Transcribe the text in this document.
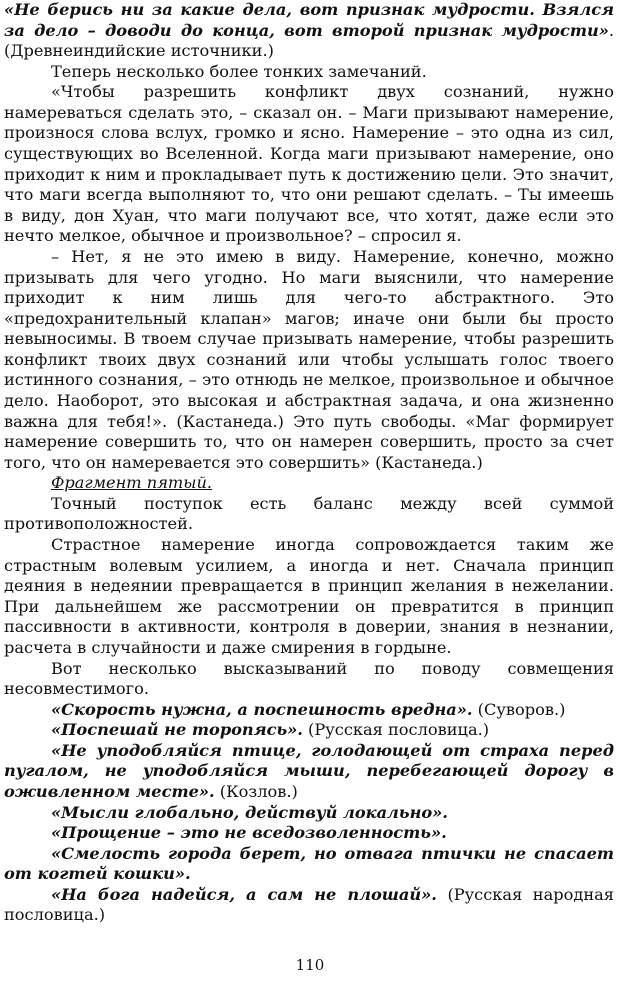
«Не берись ни за какие дела, вот признак мудрости. Взялся за дело – доводи до конца, вот второй признак мудрости». (Древнеиндийские источники.)

Теперь несколько более тонких замечаний.

«Чтобы разрешить конфликт двух сознаний, нужно намереваться сделать это, – сказал он. – Маги призывают намерение, произнося слова вслух, громко и ясно. Намерение – это одна из сил, существующих во Вселенной. Когда маги призывают намерение, оно приходит к ним и прокладывает путь к достижению цели. Это значит, что маги всегда выполняют то, что они решают сделать. – Ты имеешь в виду, дон Хуан, что маги получают все, что хотят, даже если это нечто мелкое, обычное и произвольное? – спросил я.

– Нет, я не это имею в виду. Намерение, конечно, можно призывать для чего угодно. Но маги выяснили, что намерение приходит к ним лишь для чего-то абстрактного. Это «предохранительный клапан» магов; иначе они были бы просто невыносимы. В твоем случае призывать намерение, чтобы разрешить конфликт твоих двух сознаний или чтобы услышать голос твоего истинного сознания, – это отнюдь не мелкое, произвольное и обычное дело. Наоборот, это высокая и абстрактная задача, и она жизненно важна для тебя!». (Кастанеда.) Это путь свободы. «Маг формирует намерение совершить то, что он намерен совершить, просто за счет того, что он намеревается это совершить» (Кастанеда.)

Фрагмент пятый.

Точный поступок есть баланс между всей суммой противоположностей.

Страстное намерение иногда сопровождается таким же страстным волевым усилием, а иногда и нет. Сначала принцип деяния в недеянии превращается в принцип желания в нежелании. При дальнейшем же рассмотрении он превратится в принцип пассивности в активности, контроля в доверии, знания в незнании, расчета в случайности и даже смирения в гордыне.

Вот несколько высказываний по поводу совмещения несовместимого.

«Скорость нужна, а поспешность вредна». (Суворов.)

«Поспешай не торопясь». (Русская пословица.)

«Не уподобляйся птице, голодающей от страха перед пугалом, не уподобляйся мыши, перебегающей дорогу в оживленном месте». (Козлов.)

«Мысли глобально, действуй локально».

«Прощение – это не вседозволенность».

«Смелость города берет, но отвага птички не спасает от когтей кошки».

«На бога надейся, а сам не плошай». (Русская народная пословица.)

110
